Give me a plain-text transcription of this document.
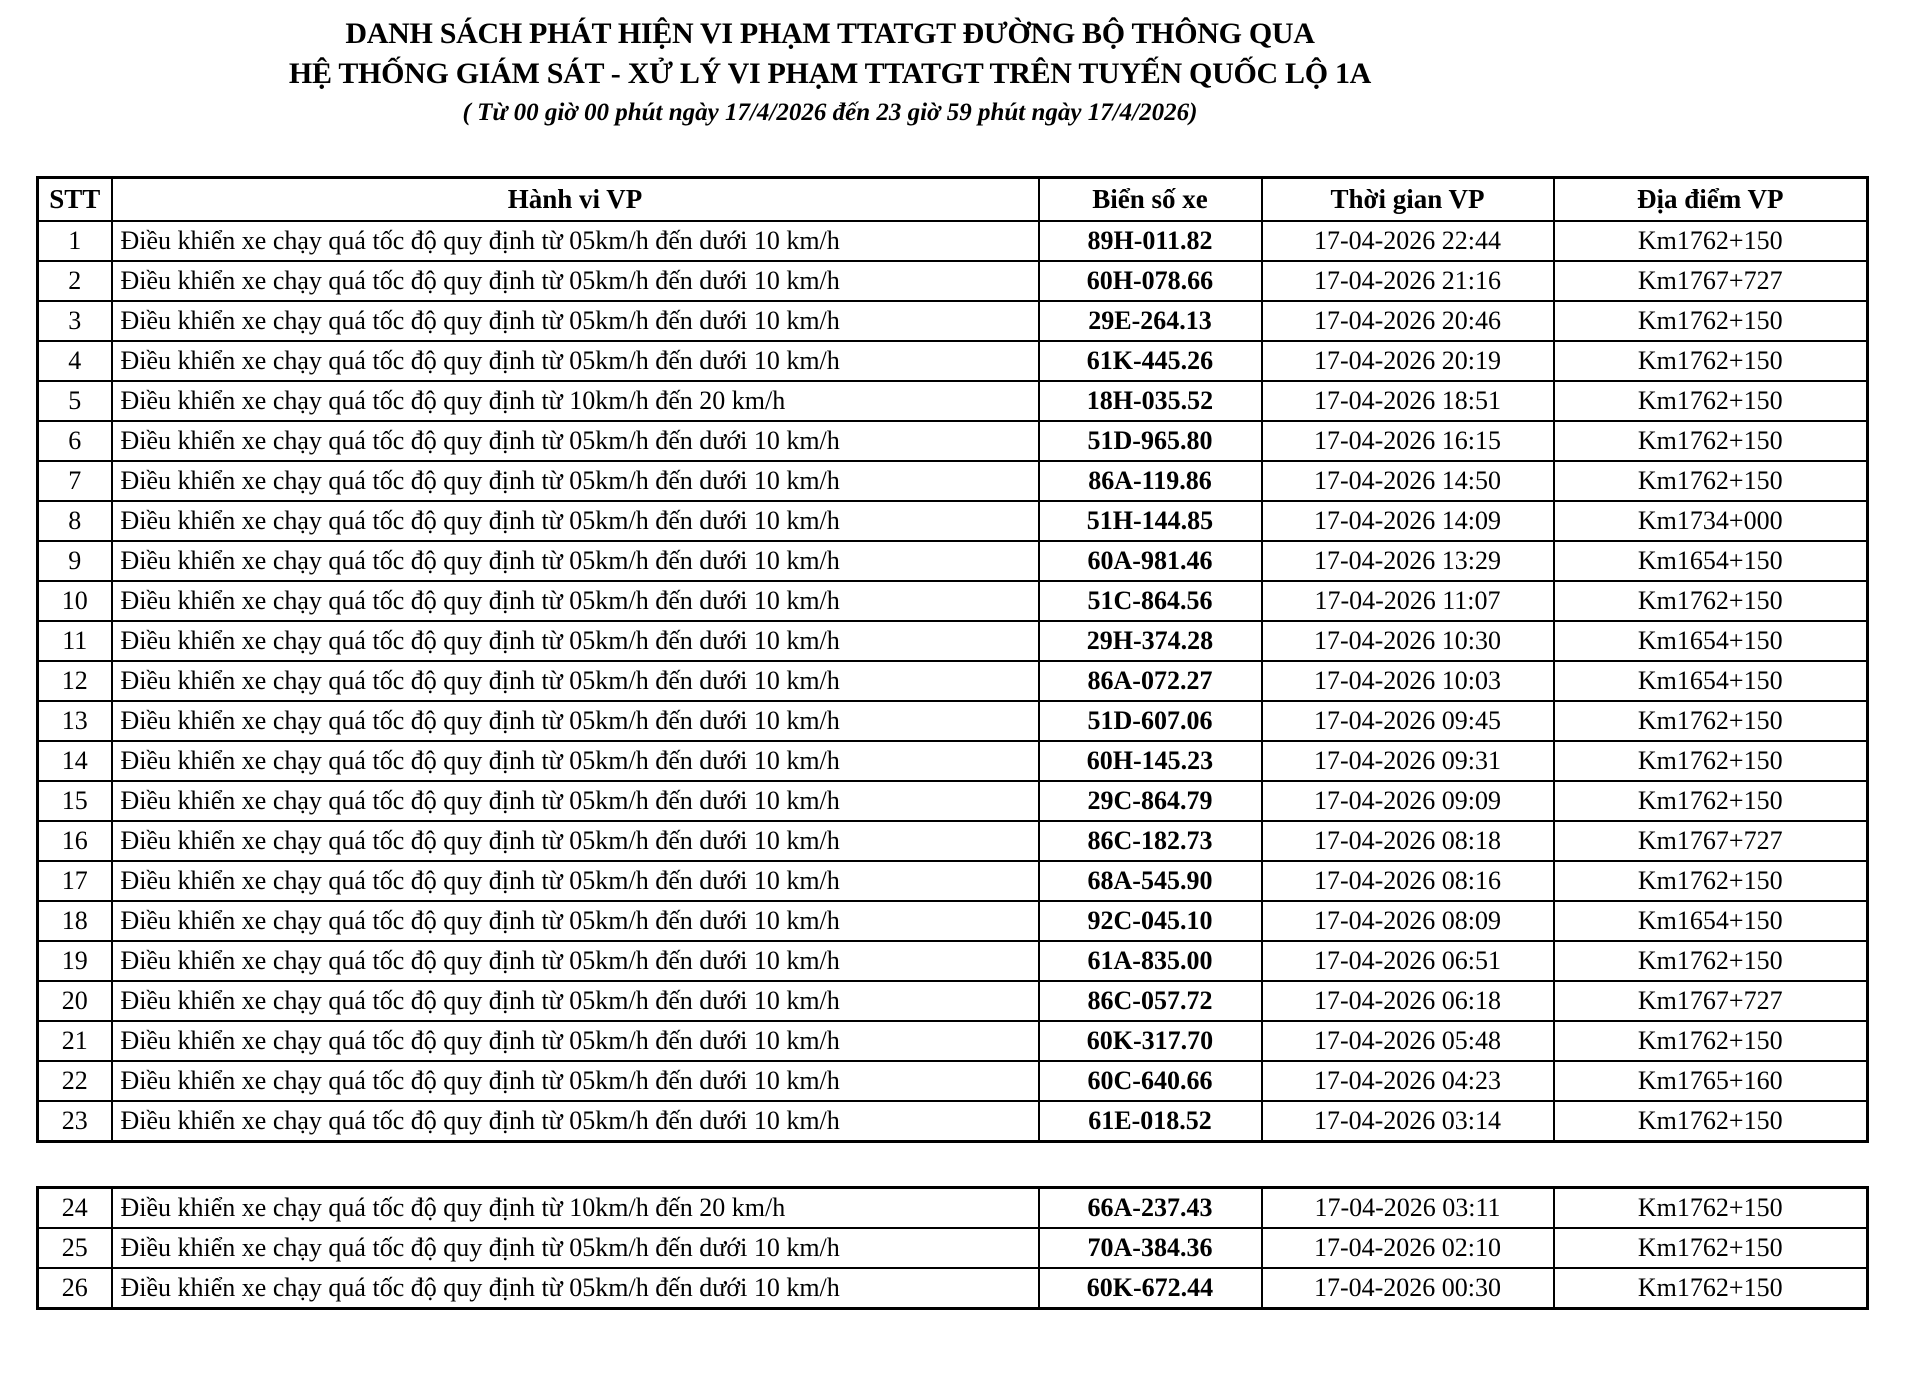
DANH SÁCH PHÁT HIỆN VI PHẠM TTATGT ĐƯỜNG BỘ THÔNG QUA
HỆ THỐNG GIÁM SÁT - XỬ LÝ VI PHẠM TTATGT TRÊN TUYẾN QUỐC LỘ 1A
( Từ 00 giờ 00 phút ngày 17/4/2026 đến 23 giờ 59 phút ngày 17/4/2026)
STT	Hành vi VP	Biển số xe	Thời gian VP	Địa điểm VP
1	Điều khiển xe chạy quá tốc độ quy định từ 05km/h đến dưới 10 km/h	89H-011.82	17-04-2026 22:44	Km1762+150
2	Điều khiển xe chạy quá tốc độ quy định từ 05km/h đến dưới 10 km/h	60H-078.66	17-04-2026 21:16	Km1767+727
3	Điều khiển xe chạy quá tốc độ quy định từ 05km/h đến dưới 10 km/h	29E-264.13	17-04-2026 20:46	Km1762+150
4	Điều khiển xe chạy quá tốc độ quy định từ 05km/h đến dưới 10 km/h	61K-445.26	17-04-2026 20:19	Km1762+150
5	Điều khiển xe chạy quá tốc độ quy định từ 10km/h đến 20 km/h	18H-035.52	17-04-2026 18:51	Km1762+150
6	Điều khiển xe chạy quá tốc độ quy định từ 05km/h đến dưới 10 km/h	51D-965.80	17-04-2026 16:15	Km1762+150
7	Điều khiển xe chạy quá tốc độ quy định từ 05km/h đến dưới 10 km/h	86A-119.86	17-04-2026 14:50	Km1762+150
8	Điều khiển xe chạy quá tốc độ quy định từ 05km/h đến dưới 10 km/h	51H-144.85	17-04-2026 14:09	Km1734+000
9	Điều khiển xe chạy quá tốc độ quy định từ 05km/h đến dưới 10 km/h	60A-981.46	17-04-2026 13:29	Km1654+150
10	Điều khiển xe chạy quá tốc độ quy định từ 05km/h đến dưới 10 km/h	51C-864.56	17-04-2026 11:07	Km1762+150
11	Điều khiển xe chạy quá tốc độ quy định từ 05km/h đến dưới 10 km/h	29H-374.28	17-04-2026 10:30	Km1654+150
12	Điều khiển xe chạy quá tốc độ quy định từ 05km/h đến dưới 10 km/h	86A-072.27	17-04-2026 10:03	Km1654+150
13	Điều khiển xe chạy quá tốc độ quy định từ 05km/h đến dưới 10 km/h	51D-607.06	17-04-2026 09:45	Km1762+150
14	Điều khiển xe chạy quá tốc độ quy định từ 05km/h đến dưới 10 km/h	60H-145.23	17-04-2026 09:31	Km1762+150
15	Điều khiển xe chạy quá tốc độ quy định từ 05km/h đến dưới 10 km/h	29C-864.79	17-04-2026 09:09	Km1762+150
16	Điều khiển xe chạy quá tốc độ quy định từ 05km/h đến dưới 10 km/h	86C-182.73	17-04-2026 08:18	Km1767+727
17	Điều khiển xe chạy quá tốc độ quy định từ 05km/h đến dưới 10 km/h	68A-545.90	17-04-2026 08:16	Km1762+150
18	Điều khiển xe chạy quá tốc độ quy định từ 05km/h đến dưới 10 km/h	92C-045.10	17-04-2026 08:09	Km1654+150
19	Điều khiển xe chạy quá tốc độ quy định từ 05km/h đến dưới 10 km/h	61A-835.00	17-04-2026 06:51	Km1762+150
20	Điều khiển xe chạy quá tốc độ quy định từ 05km/h đến dưới 10 km/h	86C-057.72	17-04-2026 06:18	Km1767+727
21	Điều khiển xe chạy quá tốc độ quy định từ 05km/h đến dưới 10 km/h	60K-317.70	17-04-2026 05:48	Km1762+150
22	Điều khiển xe chạy quá tốc độ quy định từ 05km/h đến dưới 10 km/h	60C-640.66	17-04-2026 04:23	Km1765+160
23	Điều khiển xe chạy quá tốc độ quy định từ 05km/h đến dưới 10 km/h	61E-018.52	17-04-2026 03:14	Km1762+150
24	Điều khiển xe chạy quá tốc độ quy định từ 10km/h đến 20 km/h	66A-237.43	17-04-2026 03:11	Km1762+150
25	Điều khiển xe chạy quá tốc độ quy định từ 05km/h đến dưới 10 km/h	70A-384.36	17-04-2026 02:10	Km1762+150
26	Điều khiển xe chạy quá tốc độ quy định từ 05km/h đến dưới 10 km/h	60K-672.44	17-04-2026 00:30	Km1762+150
